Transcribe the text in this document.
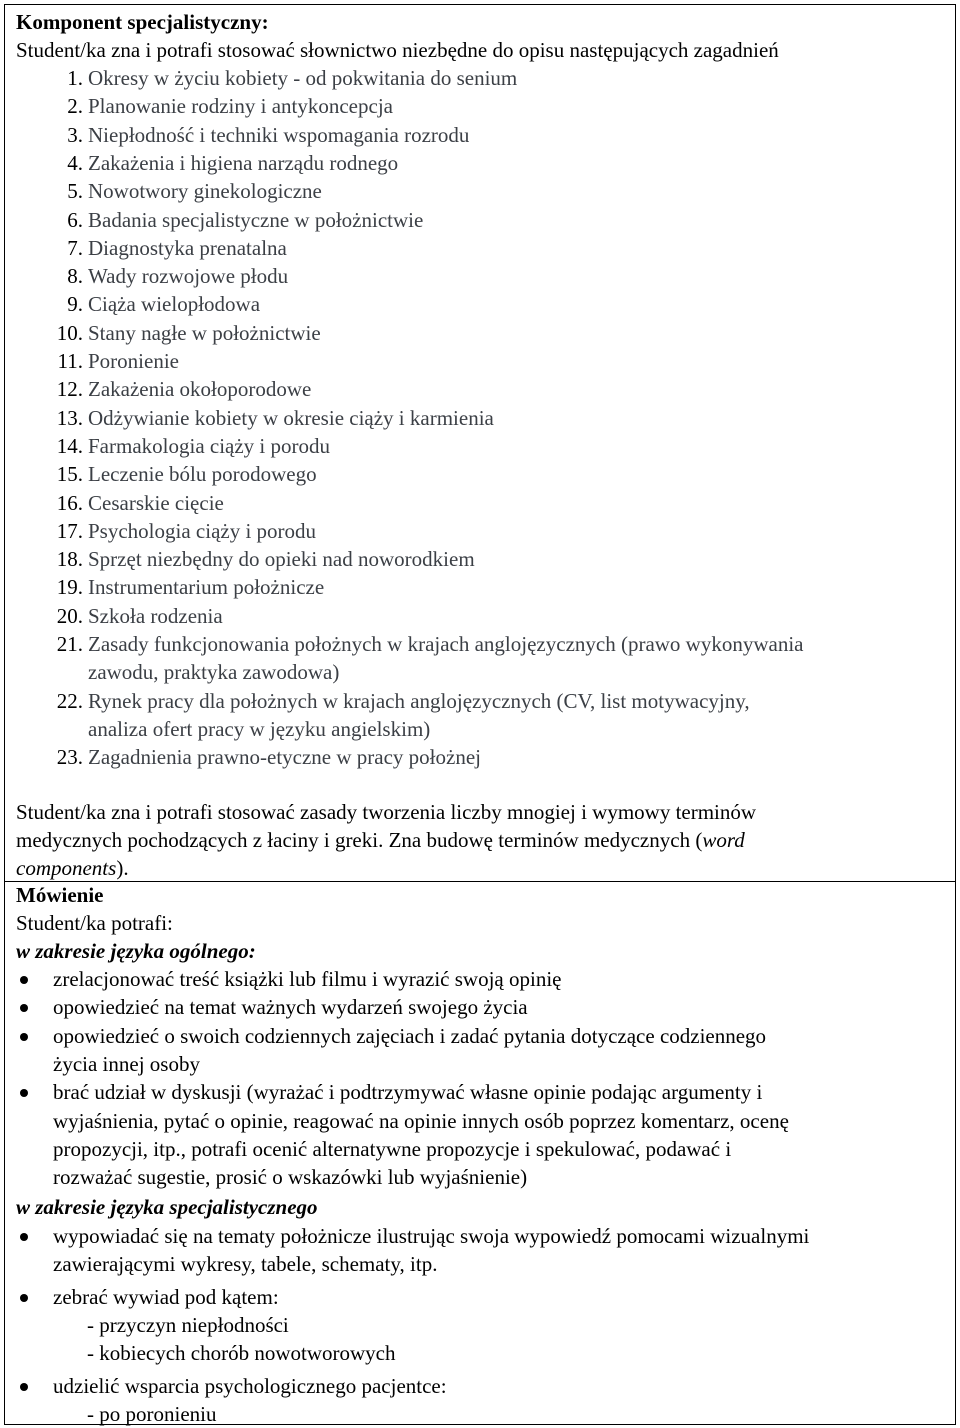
Komponent specjalistyczny:
Student/ka zna i potrafi stosować słownictwo niezbędne do opisu następujących zagadnień
1. Okresy w życiu kobiety - od pokwitania do senium
2. Planowanie rodziny i antykoncepcja
3. Niepłodność i techniki wspomagania rozrodu
4. Zakażenia i higiena narządu rodnego
5. Nowotwory ginekologiczne
6. Badania specjalistyczne w położnictwie
7. Diagnostyka prenatalna
8. Wady rozwojowe płodu
9. Ciąża wielopłodowa
10. Stany nagłe w położnictwie
11. Poronienie
12. Zakażenia okołoporodowe
13. Odżywianie kobiety w okresie ciąży i karmienia
14. Farmakologia ciąży i porodu
15. Leczenie bólu porodowego
16. Cesarskie cięcie
17. Psychologia ciąży i porodu
18. Sprzęt niezbędny do opieki nad noworodkiem
19. Instrumentarium położnicze
20. Szkoła rodzenia
21. Zasady funkcjonowania położnych w krajach anglojęzycznych (prawo wykonywania
zawodu, praktyka zawodowa)
22. Rynek pracy dla położnych w krajach anglojęzycznych (CV, list motywacyjny,
analiza ofert pracy w języku angielskim)
23. Zagadnienia prawno-etyczne w pracy położnej
Student/ka zna i potrafi stosować zasady tworzenia liczby mnogiej i wymowy terminów
medycznych pochodzących z łaciny i greki. Zna budowę terminów medycznych (word
components).
Mówienie
Student/ka potrafi:
w zakresie języka ogólnego:
zrelacjonować treść książki lub filmu i wyrazić swoją opinię
opowiedzieć na temat ważnych wydarzeń swojego życia
opowiedzieć o swoich codziennych zajęciach i zadać pytania dotyczące codziennego
życia innej osoby
brać udział w dyskusji (wyrażać i podtrzymywać własne opinie podając argumenty i
wyjaśnienia, pytać o opinie, reagować na opinie innych osób poprzez komentarz, ocenę
propozycji, itp., potrafi ocenić alternatywne propozycje i spekulować, podawać i
rozważać sugestie, prosić o wskazówki lub wyjaśnienie)
w zakresie języka specjalistycznego
wypowiadać się na tematy położnicze ilustrując swoja wypowiedź pomocami wizualnymi
zawierającymi wykresy, tabele, schematy, itp.
zebrać wywiad pod kątem:
- przyczyn niepłodności
- kobiecych chorób nowotworowych
udzielić wsparcia psychologicznego pacjentce:
- po poronieniu
